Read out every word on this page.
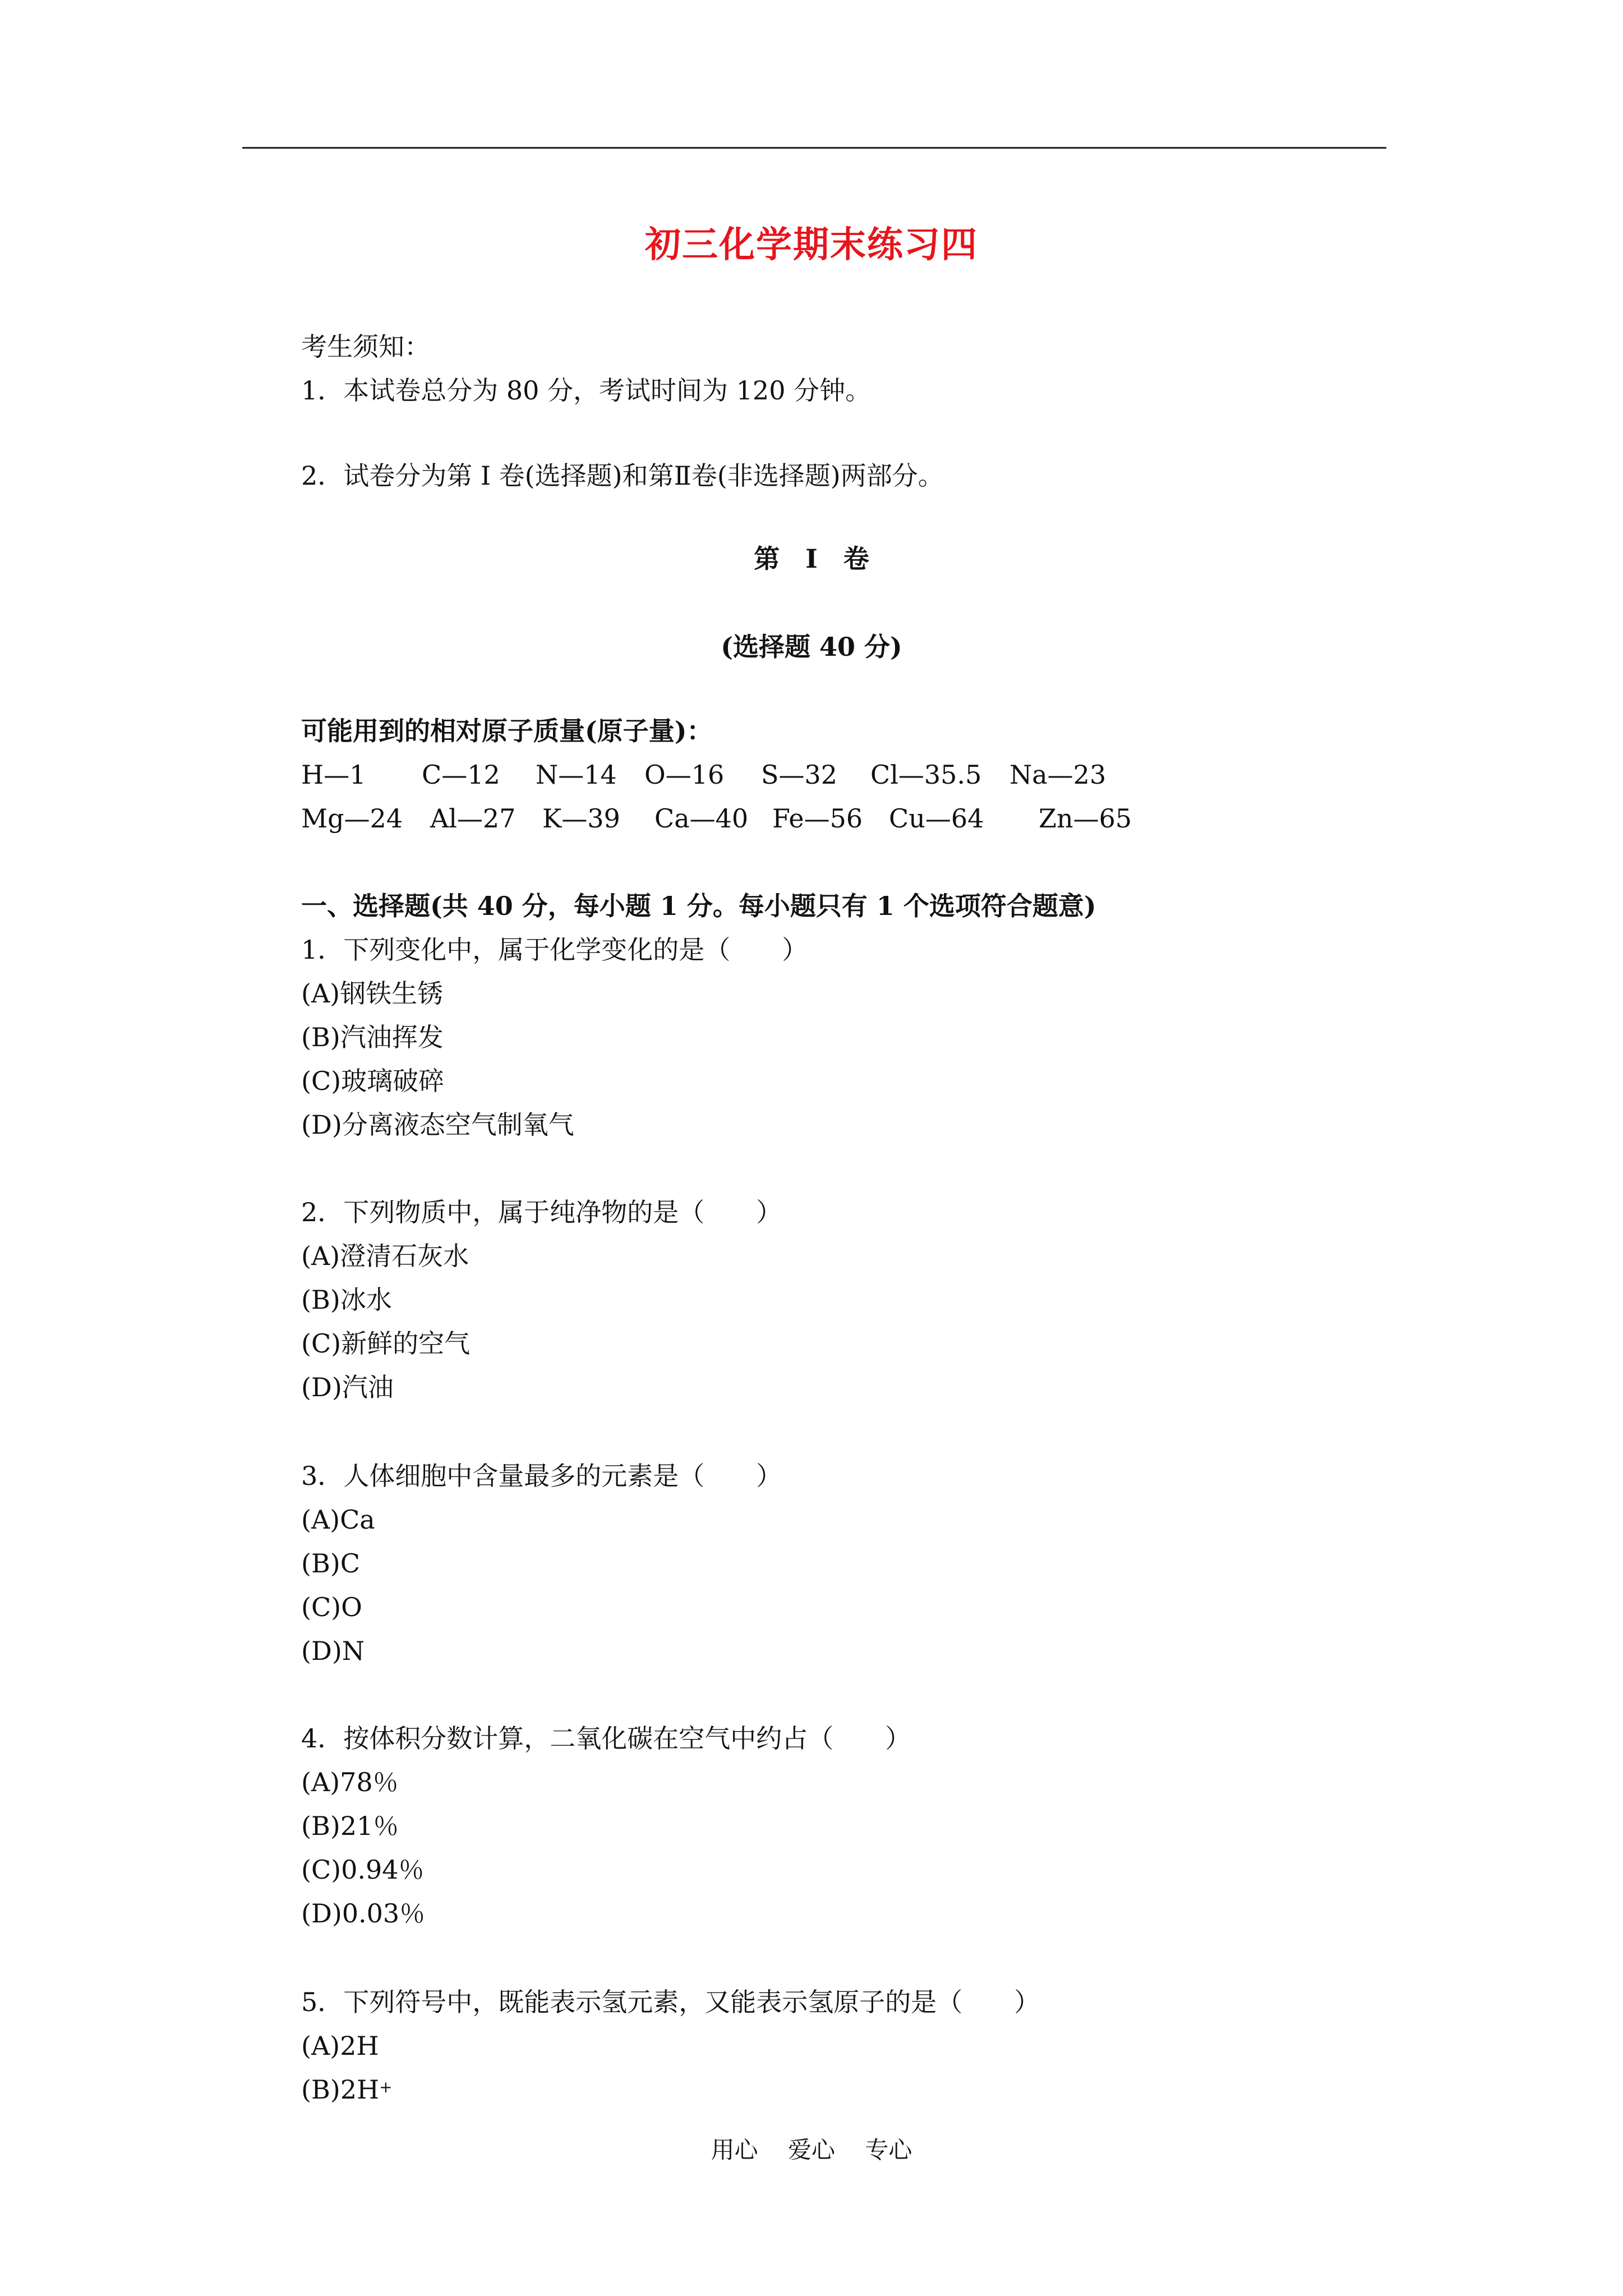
初三化学期末练习四
考生须知：
1．本试卷总分为 80 分，考试时间为 120 分钟。
2．试卷分为第 I 卷(选择题)和第Ⅱ卷(非选择题)两部分。
第　I　卷
(选择题 40 分)
可能用到的相对原子质量(原子量)：
H—1 C—12 N—14 O—16 S—32 Cl—35.5 Na—23
Mg—24 Al—27 K—39 Ca—40 Fe—56 Cu—64 Zn—65
一、选择题(共 40 分，每小题 1 分。每小题只有 1 个选项符合题意)
1．下列变化中，属于化学变化的是（　　）
(A)钢铁生锈
(B)汽油挥发
(C)玻璃破碎
(D)分离液态空气制氧气
2．下列物质中，属于纯净物的是（　　）
(A)澄清石灰水
(B)冰水
(C)新鲜的空气
(D)汽油
3．人体细胞中含量最多的元素是（　　）
(A)Ca
(B)C
(C)O
(D)N
4．按体积分数计算，二氧化碳在空气中约占（　　）
(A)78％
(B)21％
(C)0.94％
(D)0.03％
5．下列符号中，既能表示氢元素，又能表示氢原子的是（　　）
(A)2H
(B)2H+
用心 爱心 专心
